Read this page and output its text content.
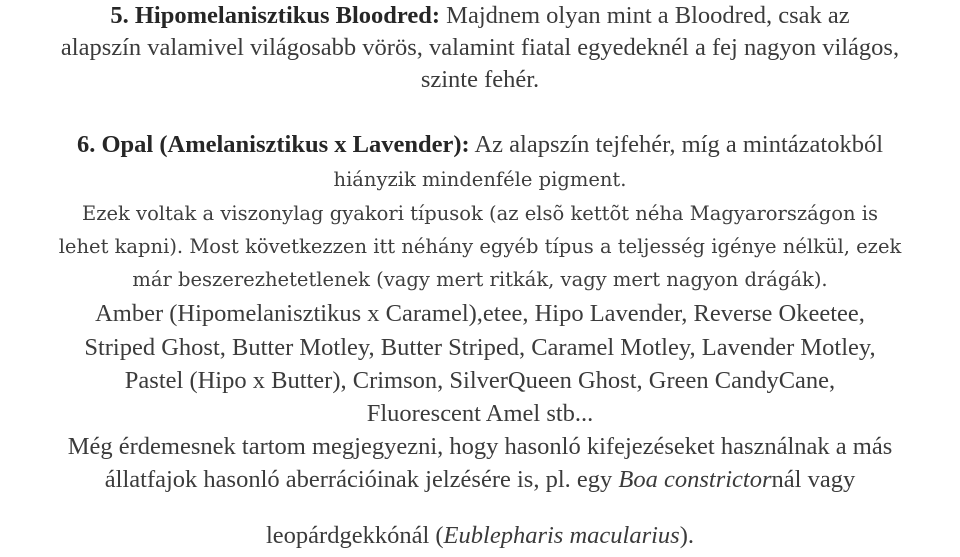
5. Hipomelanisztikus Bloodred: Majdnem olyan mint a Bloodred, csak az
alapszín valamivel világosabb vörös, valamint fiatal egyedeknél a fej nagyon világos,
szinte fehér.
6. Opal (Amelanisztikus x Lavender): Az alapszín tejfehér, míg a mintázatokból
hiányzik mindenféle pigment.
Ezek voltak a viszonylag gyakori típusok (az elsõ kettõt néha Magyarországon is
lehet kapni). Most következzen itt néhány egyéb típus a teljesség igénye nélkül, ezek
már beszerezhetetlenek (vagy mert ritkák, vagy mert nagyon drágák).
Amber (Hipomelanisztikus x Caramel),etee, Hipo Lavender, Reverse Okeetee,
Striped Ghost, Butter Motley, Butter Striped, Caramel Motley, Lavender Motley,
Pastel (Hipo x Butter), Crimson, SilverQueen Ghost, Green CandyCane,
Fluorescent Amel stb...
Még érdemesnek tartom megjegyezni, hogy hasonló kifejezéseket használnak a más
állatfajok hasonló aberrációinak jelzésére is, pl. egy Boa constrictornál vagy
leopárdgekkónál (Eublepharis macularius).
